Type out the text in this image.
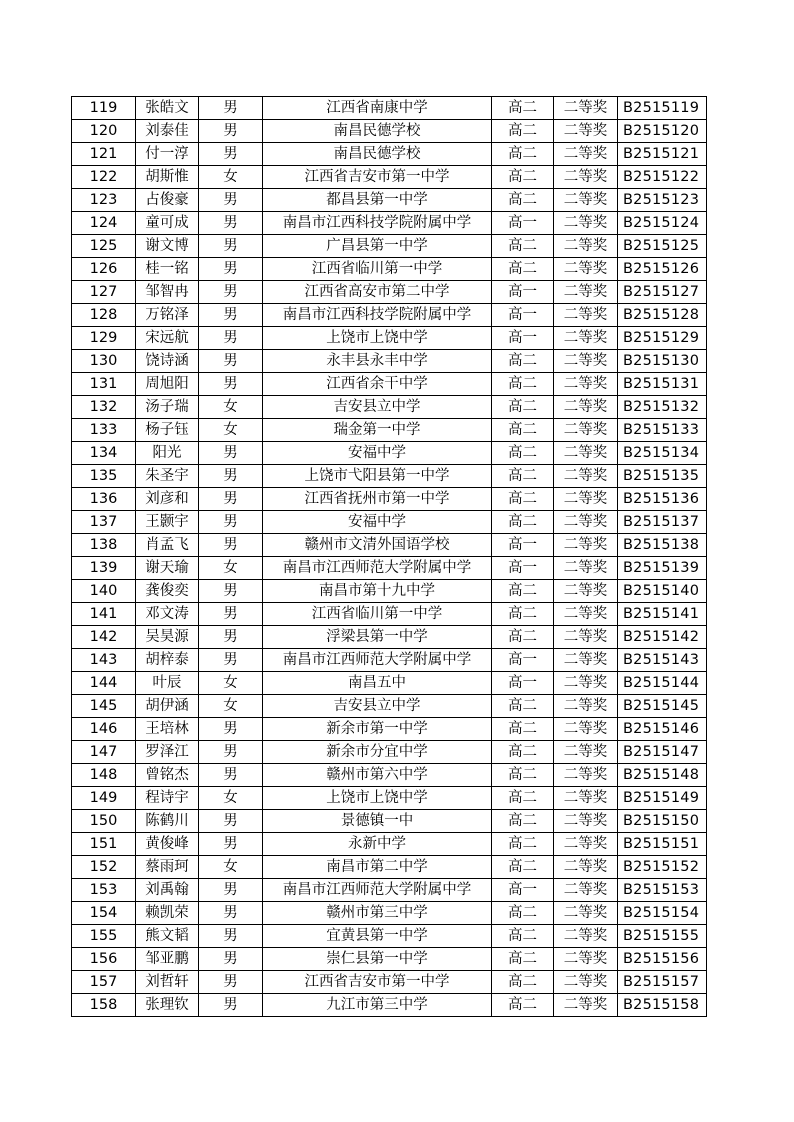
119	张皓文	男	江西省南康中学	高二	二等奖	B2515119
120	刘泰佳	男	南昌民德学校	高二	二等奖	B2515120
121	付一淳	男	南昌民德学校	高二	二等奖	B2515121
122	胡斯惟	女	江西省吉安市第一中学	高二	二等奖	B2515122
123	占俊豪	男	都昌县第一中学	高二	二等奖	B2515123
124	童可成	男	南昌市江西科技学院附属中学	高一	二等奖	B2515124
125	谢文博	男	广昌县第一中学	高二	二等奖	B2515125
126	桂一铭	男	江西省临川第一中学	高二	二等奖	B2515126
127	邹智冉	男	江西省高安市第二中学	高一	二等奖	B2515127
128	万铭泽	男	南昌市江西科技学院附属中学	高一	二等奖	B2515128
129	宋远航	男	上饶市上饶中学	高一	二等奖	B2515129
130	饶诗涵	男	永丰县永丰中学	高二	二等奖	B2515130
131	周旭阳	男	江西省余干中学	高二	二等奖	B2515131
132	汤子瑞	女	吉安县立中学	高二	二等奖	B2515132
133	杨子钰	女	瑞金第一中学	高二	二等奖	B2515133
134	阳光	男	安福中学	高二	二等奖	B2515134
135	朱圣宇	男	上饶市弋阳县第一中学	高二	二等奖	B2515135
136	刘彦和	男	江西省抚州市第一中学	高二	二等奖	B2515136
137	王颢宇	男	安福中学	高二	二等奖	B2515137
138	肖孟飞	男	赣州市文清外国语学校	高一	二等奖	B2515138
139	谢天瑜	女	南昌市江西师范大学附属中学	高一	二等奖	B2515139
140	龚俊奕	男	南昌市第十九中学	高二	二等奖	B2515140
141	邓文涛	男	江西省临川第一中学	高二	二等奖	B2515141
142	吴昊源	男	浮梁县第一中学	高二	二等奖	B2515142
143	胡梓泰	男	南昌市江西师范大学附属中学	高一	二等奖	B2515143
144	叶辰	女	南昌五中	高一	二等奖	B2515144
145	胡伊涵	女	吉安县立中学	高二	二等奖	B2515145
146	王培林	男	新余市第一中学	高二	二等奖	B2515146
147	罗泽江	男	新余市分宜中学	高二	二等奖	B2515147
148	曾铭杰	男	赣州市第六中学	高二	二等奖	B2515148
149	程诗宇	女	上饶市上饶中学	高二	二等奖	B2515149
150	陈鹤川	男	景德镇一中	高二	二等奖	B2515150
151	黄俊峰	男	永新中学	高二	二等奖	B2515151
152	蔡雨珂	女	南昌市第二中学	高二	二等奖	B2515152
153	刘禹翰	男	南昌市江西师范大学附属中学	高一	二等奖	B2515153
154	赖凯荣	男	赣州市第三中学	高二	二等奖	B2515154
155	熊文韬	男	宜黄县第一中学	高二	二等奖	B2515155
156	邹亚鹏	男	崇仁县第一中学	高二	二等奖	B2515156
157	刘哲轩	男	江西省吉安市第一中学	高二	二等奖	B2515157
158	张理钦	男	九江市第三中学	高二	二等奖	B2515158
